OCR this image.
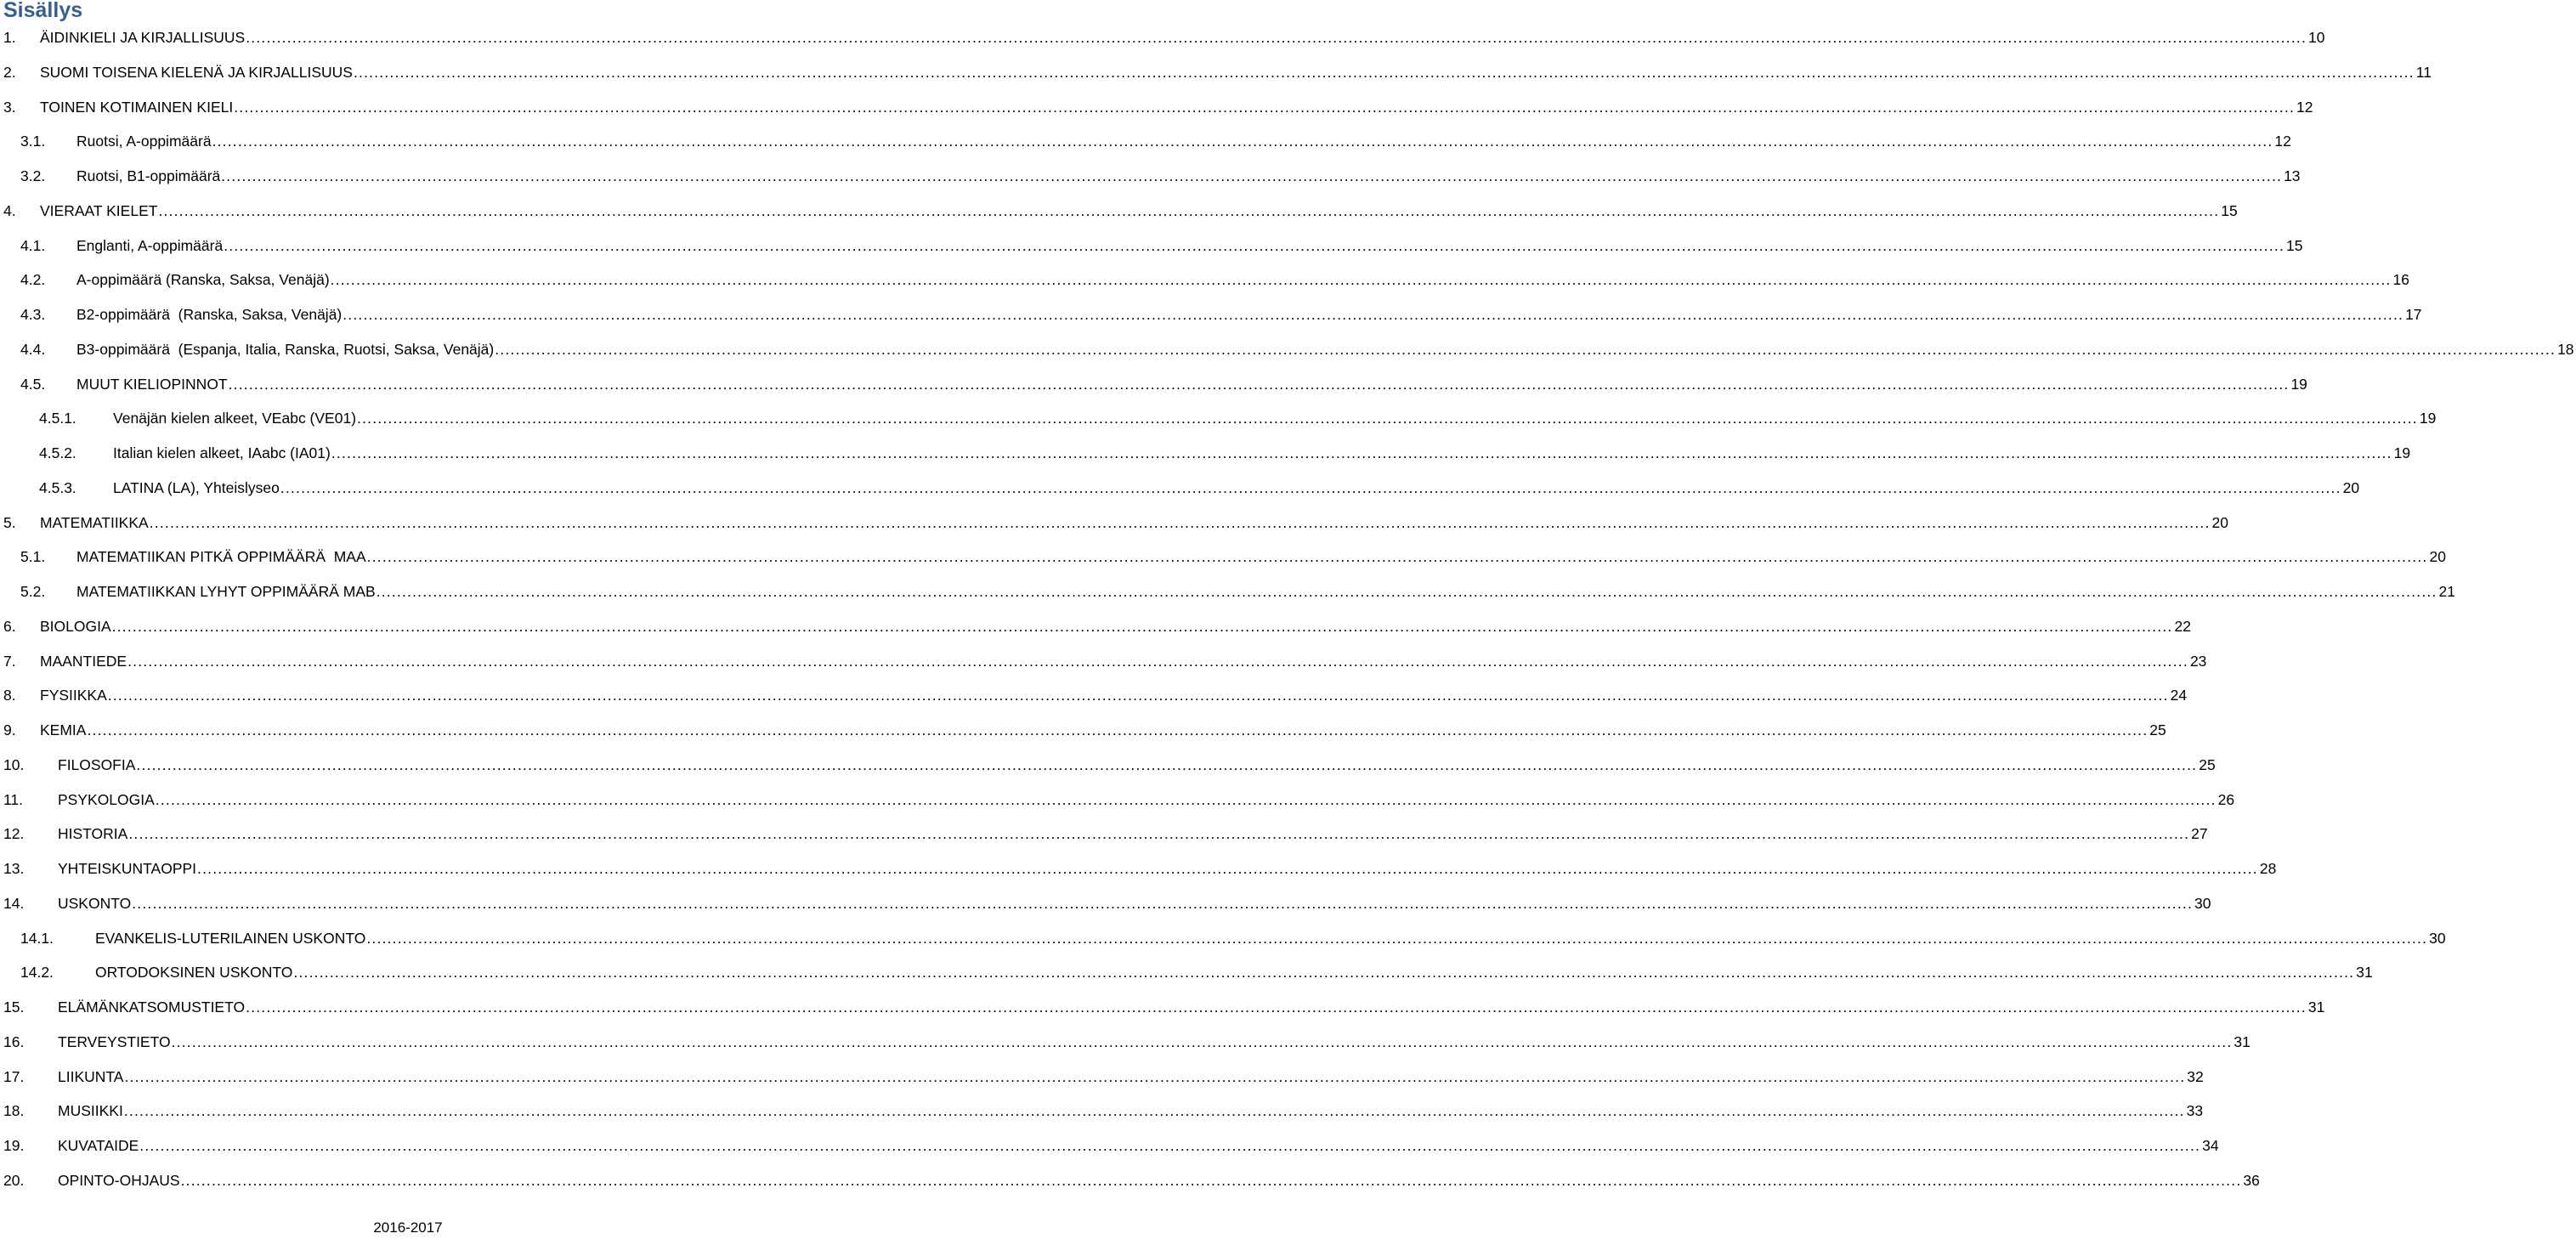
Sisällys
1. ÄIDINKIELI JA KIRJALLISUUS ................................................................................................................................................................................................................................................................................................................................................................................................................ 10
2. SUOMI TOISENA KIELENÄ JA KIRJALLISUUS ................................................................................................................................................................................................................................................................................................................................................................................................................ 11
3. TOINEN KOTIMAINEN KIELI ................................................................................................................................................................................................................................................................................................................................................................................................................ 12
3.1. Ruotsi, A-oppimäärä ................................................................................................................................................................................................................................................................................................................................................................................................................ 12
3.2. Ruotsi, B1-oppimäärä ................................................................................................................................................................................................................................................................................................................................................................................................................ 13
4. VIERAAT KIELET ................................................................................................................................................................................................................................................................................................................................................................................................................ 15
4.1. Englanti, A-oppimäärä ................................................................................................................................................................................................................................................................................................................................................................................................................ 15
4.2. A-oppimäärä (Ranska, Saksa, Venäjä) ................................................................................................................................................................................................................................................................................................................................................................................................................ 16
4.3. B2-oppimäärä  (Ranska, Saksa, Venäjä) ................................................................................................................................................................................................................................................................................................................................................................................................................ 17
4.4. B3-oppimäärä  (Espanja, Italia, Ranska, Ruotsi, Saksa, Venäjä) ................................................................................................................................................................................................................................................................................................................................................................................................................ 18
4.5. MUUT KIELIOPINNOT ................................................................................................................................................................................................................................................................................................................................................................................................................ 19
4.5.1. Venäjän kielen alkeet, VEabc (VE01) ................................................................................................................................................................................................................................................................................................................................................................................................................ 19
4.5.2. Italian kielen alkeet, IAabc (IA01) ................................................................................................................................................................................................................................................................................................................................................................................................................ 19
4.5.3. LATINA (LA), Yhteislyseo ................................................................................................................................................................................................................................................................................................................................................................................................................ 20
5. MATEMATIIKKA ................................................................................................................................................................................................................................................................................................................................................................................................................ 20
5.1. MATEMATIIKAN PITKÄ OPPIMÄÄRÄ  MAA ................................................................................................................................................................................................................................................................................................................................................................................................................ 20
5.2. MATEMATIIKKAN LYHYT OPPIMÄÄRÄ MAB ................................................................................................................................................................................................................................................................................................................................................................................................................ 21
6. BIOLOGIA ................................................................................................................................................................................................................................................................................................................................................................................................................ 22
7. MAANTIEDE ................................................................................................................................................................................................................................................................................................................................................................................................................ 23
8. FYSIIKKA ................................................................................................................................................................................................................................................................................................................................................................................................................ 24
9. KEMIA ................................................................................................................................................................................................................................................................................................................................................................................................................ 25
10. FILOSOFIA ................................................................................................................................................................................................................................................................................................................................................................................................................ 25
11. PSYKOLOGIA ................................................................................................................................................................................................................................................................................................................................................................................................................ 26
12. HISTORIA ................................................................................................................................................................................................................................................................................................................................................................................................................ 27
13. YHTEISKUNTAOPPI ................................................................................................................................................................................................................................................................................................................................................................................................................ 28
14. USKONTO ................................................................................................................................................................................................................................................................................................................................................................................................................ 30
14.1.	EVANKELIS-LUTERILAINEN USKONTO ................................................................................................................................................................................................................................................................................................................................................................................................................ 30
14.2.	ORTODOKSINEN USKONTO ................................................................................................................................................................................................................................................................................................................................................................................................................ 31
15. ELÄMÄNKATSOMUSTIETO ................................................................................................................................................................................................................................................................................................................................................................................................................ 31
16. TERVEYSTIETO ................................................................................................................................................................................................................................................................................................................................................................................................................ 31
17. LIIKUNTA ................................................................................................................................................................................................................................................................................................................................................................................................................ 32
18. MUSIIKKI ................................................................................................................................................................................................................................................................................................................................................................................................................ 33
19. KUVATAIDE ................................................................................................................................................................................................................................................................................................................................................................................................................ 34
20. OPINTO-OHJAUS ................................................................................................................................................................................................................................................................................................................................................................................................................ 36
2016-2017
